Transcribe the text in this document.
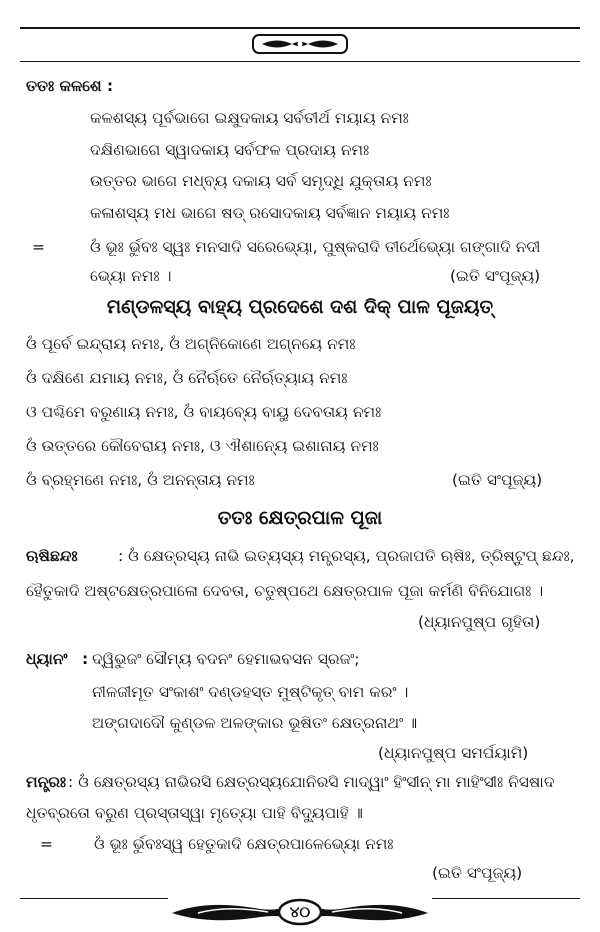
ତତଃ କଳଶେ :
କଳଶସ୍ୟ ପୂର୍ବଭାଗେ ଇକ୍ଷୁଦକାୟ ସର୍ବତୀର୍ଥ ମୟାୟ ନମଃ
ଦକ୍ଷିଣଭାଗେ ସ୍ୱାଦକାୟ ସର୍ବଫଳ ପ୍ରଦାୟ ନମଃ
ଉତ୍ତର ଭାଗେ ମଧ୍ବ୍ୟ ଦକାୟ ସର୍ବ ସମୃଦ୍ଧି ଯୁକ୍ତାୟ ନମଃ
କଳାଶସ୍ୟ ମଧ ଭାଗେ ଷଡ୍ ରସୋଦକାୟ ସର୍ବଜ୍ଞାନ ମୟାୟ ନମଃ
=	ଓଁ ଭୂଃ ର୍ଭୁବଃ ସ୍ୱଃ ମନସାଦି ସରେଭ୍ୟୋ, ପୁଷ୍କରାଦି ତୀର୍ଥେଭ୍ୟୋ ଗଙ୍ଗାଦି ନଦୀ
ଭ୍ୟୋ ନମଃ ।	(ଇତି ସଂପୂଜ୍ୟ)
ମଣ୍ଡଳସ୍ୟ ବାହ୍ୟ ପ୍ରଦେଶେ ଦଶ ଦିକ୍ ପାଳ ପୂଜୟତ୍
ଓଁ ପୂର୍ବେ ଇନ୍ଦ୍ରାୟ ନମଃ, ଓଁ ଅଗ୍ନିକୋଣେ ଅଗ୍ନୟେ ନମଃ
ଓଁ ଦକ୍ଷିଣେ ଯମାୟ ନମଃ, ଓଁ ନୈର୍ଋତେ ନୈର୍ଋତ୍ୟାୟ ନମଃ
ଓ ପଶ୍ଚିମେ ବରୁଣାୟ ନମଃ, ଓଁ ବାୟବ୍ୟେ ବାୟୁ ଦେବତାୟ ନମଃ
ଓଁ ଉତ୍ତରେ କୌବେରାୟ ନମଃ, ଓ ଐଶାନ୍ୟେ ଇଶାନାୟ ନମଃ
ଓଁ ବ୍ରହ୍ମଣେ ନମଃ, ଓଁ ଅନନ୍ତାୟ ନମଃ	(ଇତି ସଂପୂଜ୍ୟ)
ତତଃ କ୍ଷେତ୍ରପାଳ ପୂଜା
ଋଷିଛନ୍ଦଃ	: ଓଁ କ୍ଷେତ୍ରସ୍ୟ ନାଭି ଇତ୍ୟସ୍ୟ ମନ୍ତ୍ରସ୍ୟ, ପ୍ରଜାପତି ଋଷିଃ, ତ୍ରିଷ୍ଟୁପ୍ ଛନ୍ଦଃ,
ହୈତୁକାଦି ଅଷ୍ଟକ୍ଷେତ୍ରପାଳୋ ଦେବତା, ଚତୁଷ୍ପଥେ କ୍ଷେତ୍ରପାଳ ପୂଜା କର୍ମଣି ବିନିଯୋଗଃ ।
(ଧ୍ୟାନପୁଷ୍ପ ଗୃହିତା)
ଧ୍ୟାନଂ : ଦ୍ୱିଭୁଜଂ ସୌମ୍ୟ ବଦନଂ ହେମାଭବସନ ସ୍ରଜଂ;
ନୀଳଜୀମୂତ ସଂକାଶଂ ଦଣ୍ଡହସ୍ତ ମୁଷ୍ଟିକୃତ୍ ବାମ କରଂ ।
ଅଙ୍ଗଦାଦୌ କୁଣ୍ଡଳ ଅଳଙ୍କାର ଭୂଷିତଂ କ୍ଷେତ୍ରନାଥଂ ॥
(ଧ୍ୟାନପୁଷ୍ପ ସମର୍ପୟାମି)
ମନ୍ତ୍ରଃ : ଓଁ କ୍ଷେତ୍ରସ୍ୟ ନାଭିରସି କ୍ଷେତ୍ରସ୍ୟଯୋନିରସି ମାଦ୍ୱାଂ ହିଂସୀନ୍ ମା ମାହିଂସୀଃ ନିସଷାଦ
ଧୃତବ୍ରତୋ ବରୁଣ ପ୍ରସ୍ତାସ୍ୱା ମୃତ୍ୟୋ ପାହି ବିଦ୍ୟୁପାହି ॥
=	ଓଁ ଭୂଃ ର୍ଭୁବଃସ୍ୱ ହେତୁକାଦି କ୍ଷେତ୍ରପାଳେଭ୍ୟୋ ନମଃ
(ଇତି ସଂପୂଜ୍ୟ)
୪୦
